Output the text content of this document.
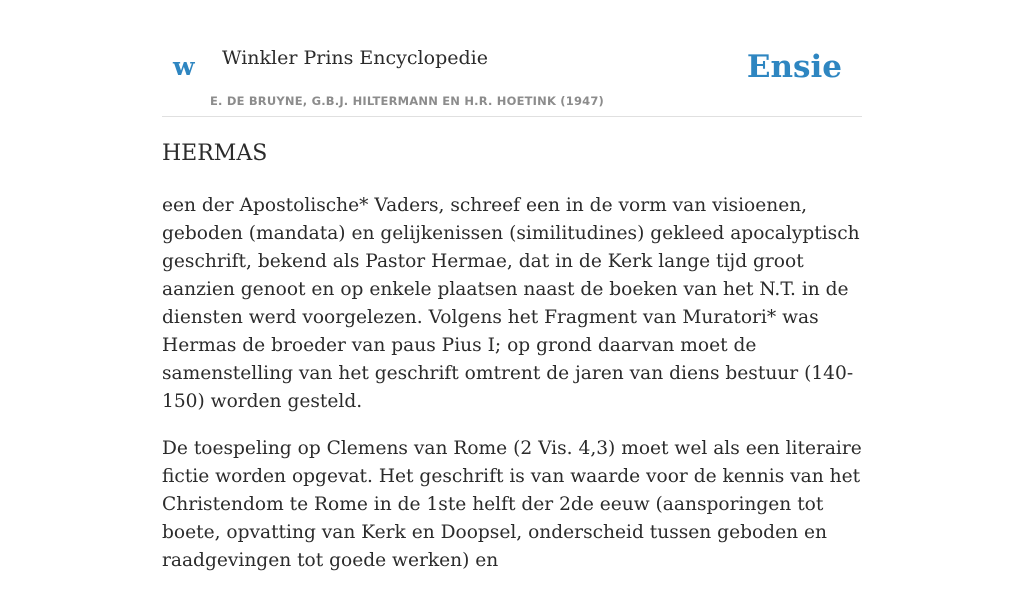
w Winkler Prins Encyclopedie
E. DE BRUYNE, G.B.J. HILTERMANN EN H.R. HOETINK (1947)
Ensie
HERMAS

een der Apostolische* Vaders, schreef een in de vorm van visioenen, geboden (mandata) en gelijkenissen (similitudines) gekleed apocalyptisch geschrift, bekend als Pastor Hermae, dat in de Kerk lange tijd groot aanzien genoot en op enkele plaatsen naast de boeken van het N.T. in de diensten werd voorgelezen. Volgens het Fragment van Muratori* was Hermas de broeder van paus Pius I; op grond daarvan moet de samenstelling van het geschrift omtrent de jaren van diens bestuur (140-150) worden gesteld.

De toespeling op Clemens van Rome (2 Vis. 4,3) moet wel als een literaire fictie worden opgevat. Het geschrift is van waarde voor de kennis van het Christendom te Rome in de 1ste helft der 2de eeuw (aansporingen tot boete, opvatting van Kerk en Doopsel, onderscheid tussen geboden en raadgevingen tot goede werken) en
